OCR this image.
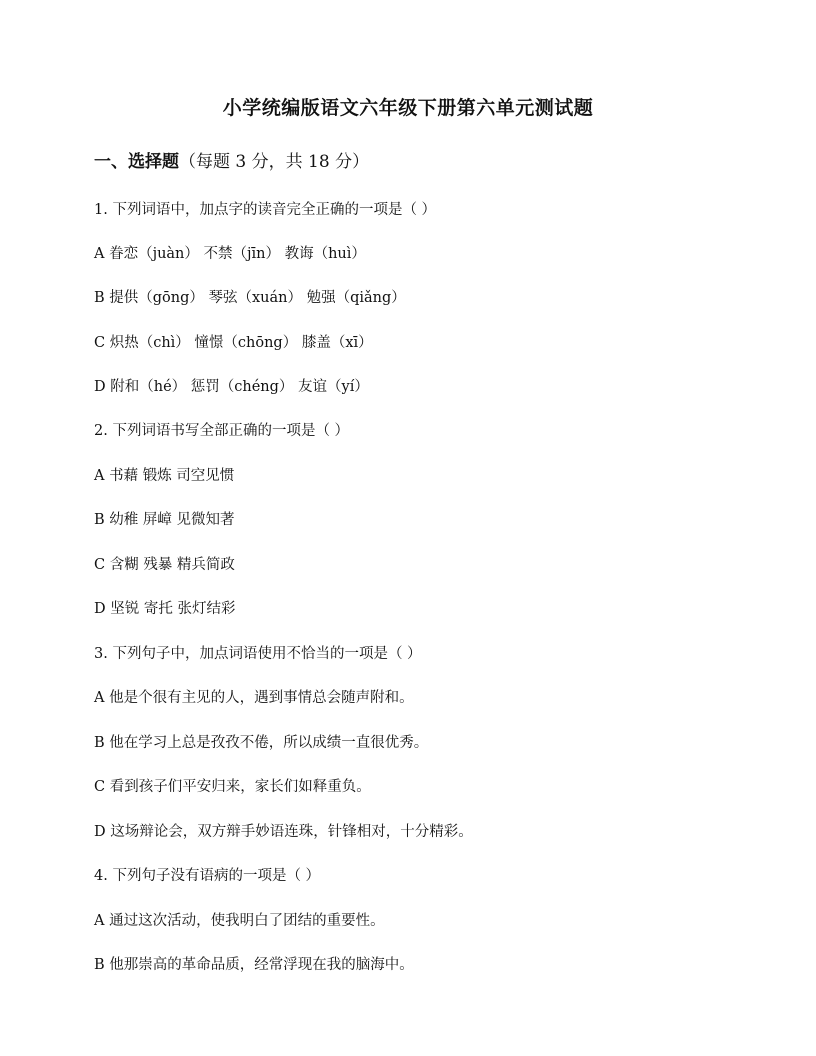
小学统编版语文六年级下册第六单元测试题
一、选择题（每题 3 分，共 18 分）
1. 下列词语中，加点字的读音完全正确的一项是（ ）
A 眷恋（juàn） 不禁（jīn） 教诲（huì）
B 提供（gōng） 琴弦（xuán） 勉强（qiǎng）
C 炽热（chì） 憧憬（chōng） 膝盖（xī）
D 附和（hé） 惩罚（chéng） 友谊（yí）
2. 下列词语书写全部正确的一项是（ ）
A 书藉 锻炼 司空见惯
B 幼稚 屏嶂 见微知著
C 含糊 残暴 精兵简政
D 坚锐 寄托 张灯结彩
3. 下列句子中，加点词语使用不恰当的一项是（ ）
A 他是个很有主见的人，遇到事情总会随声附和。
B 他在学习上总是孜孜不倦，所以成绩一直很优秀。
C 看到孩子们平安归来，家长们如释重负。
D 这场辩论会，双方辩手妙语连珠，针锋相对，十分精彩。
4. 下列句子没有语病的一项是（ ）
A 通过这次活动，使我明白了团结的重要性。
B 他那崇高的革命品质，经常浮现在我的脑海中。
